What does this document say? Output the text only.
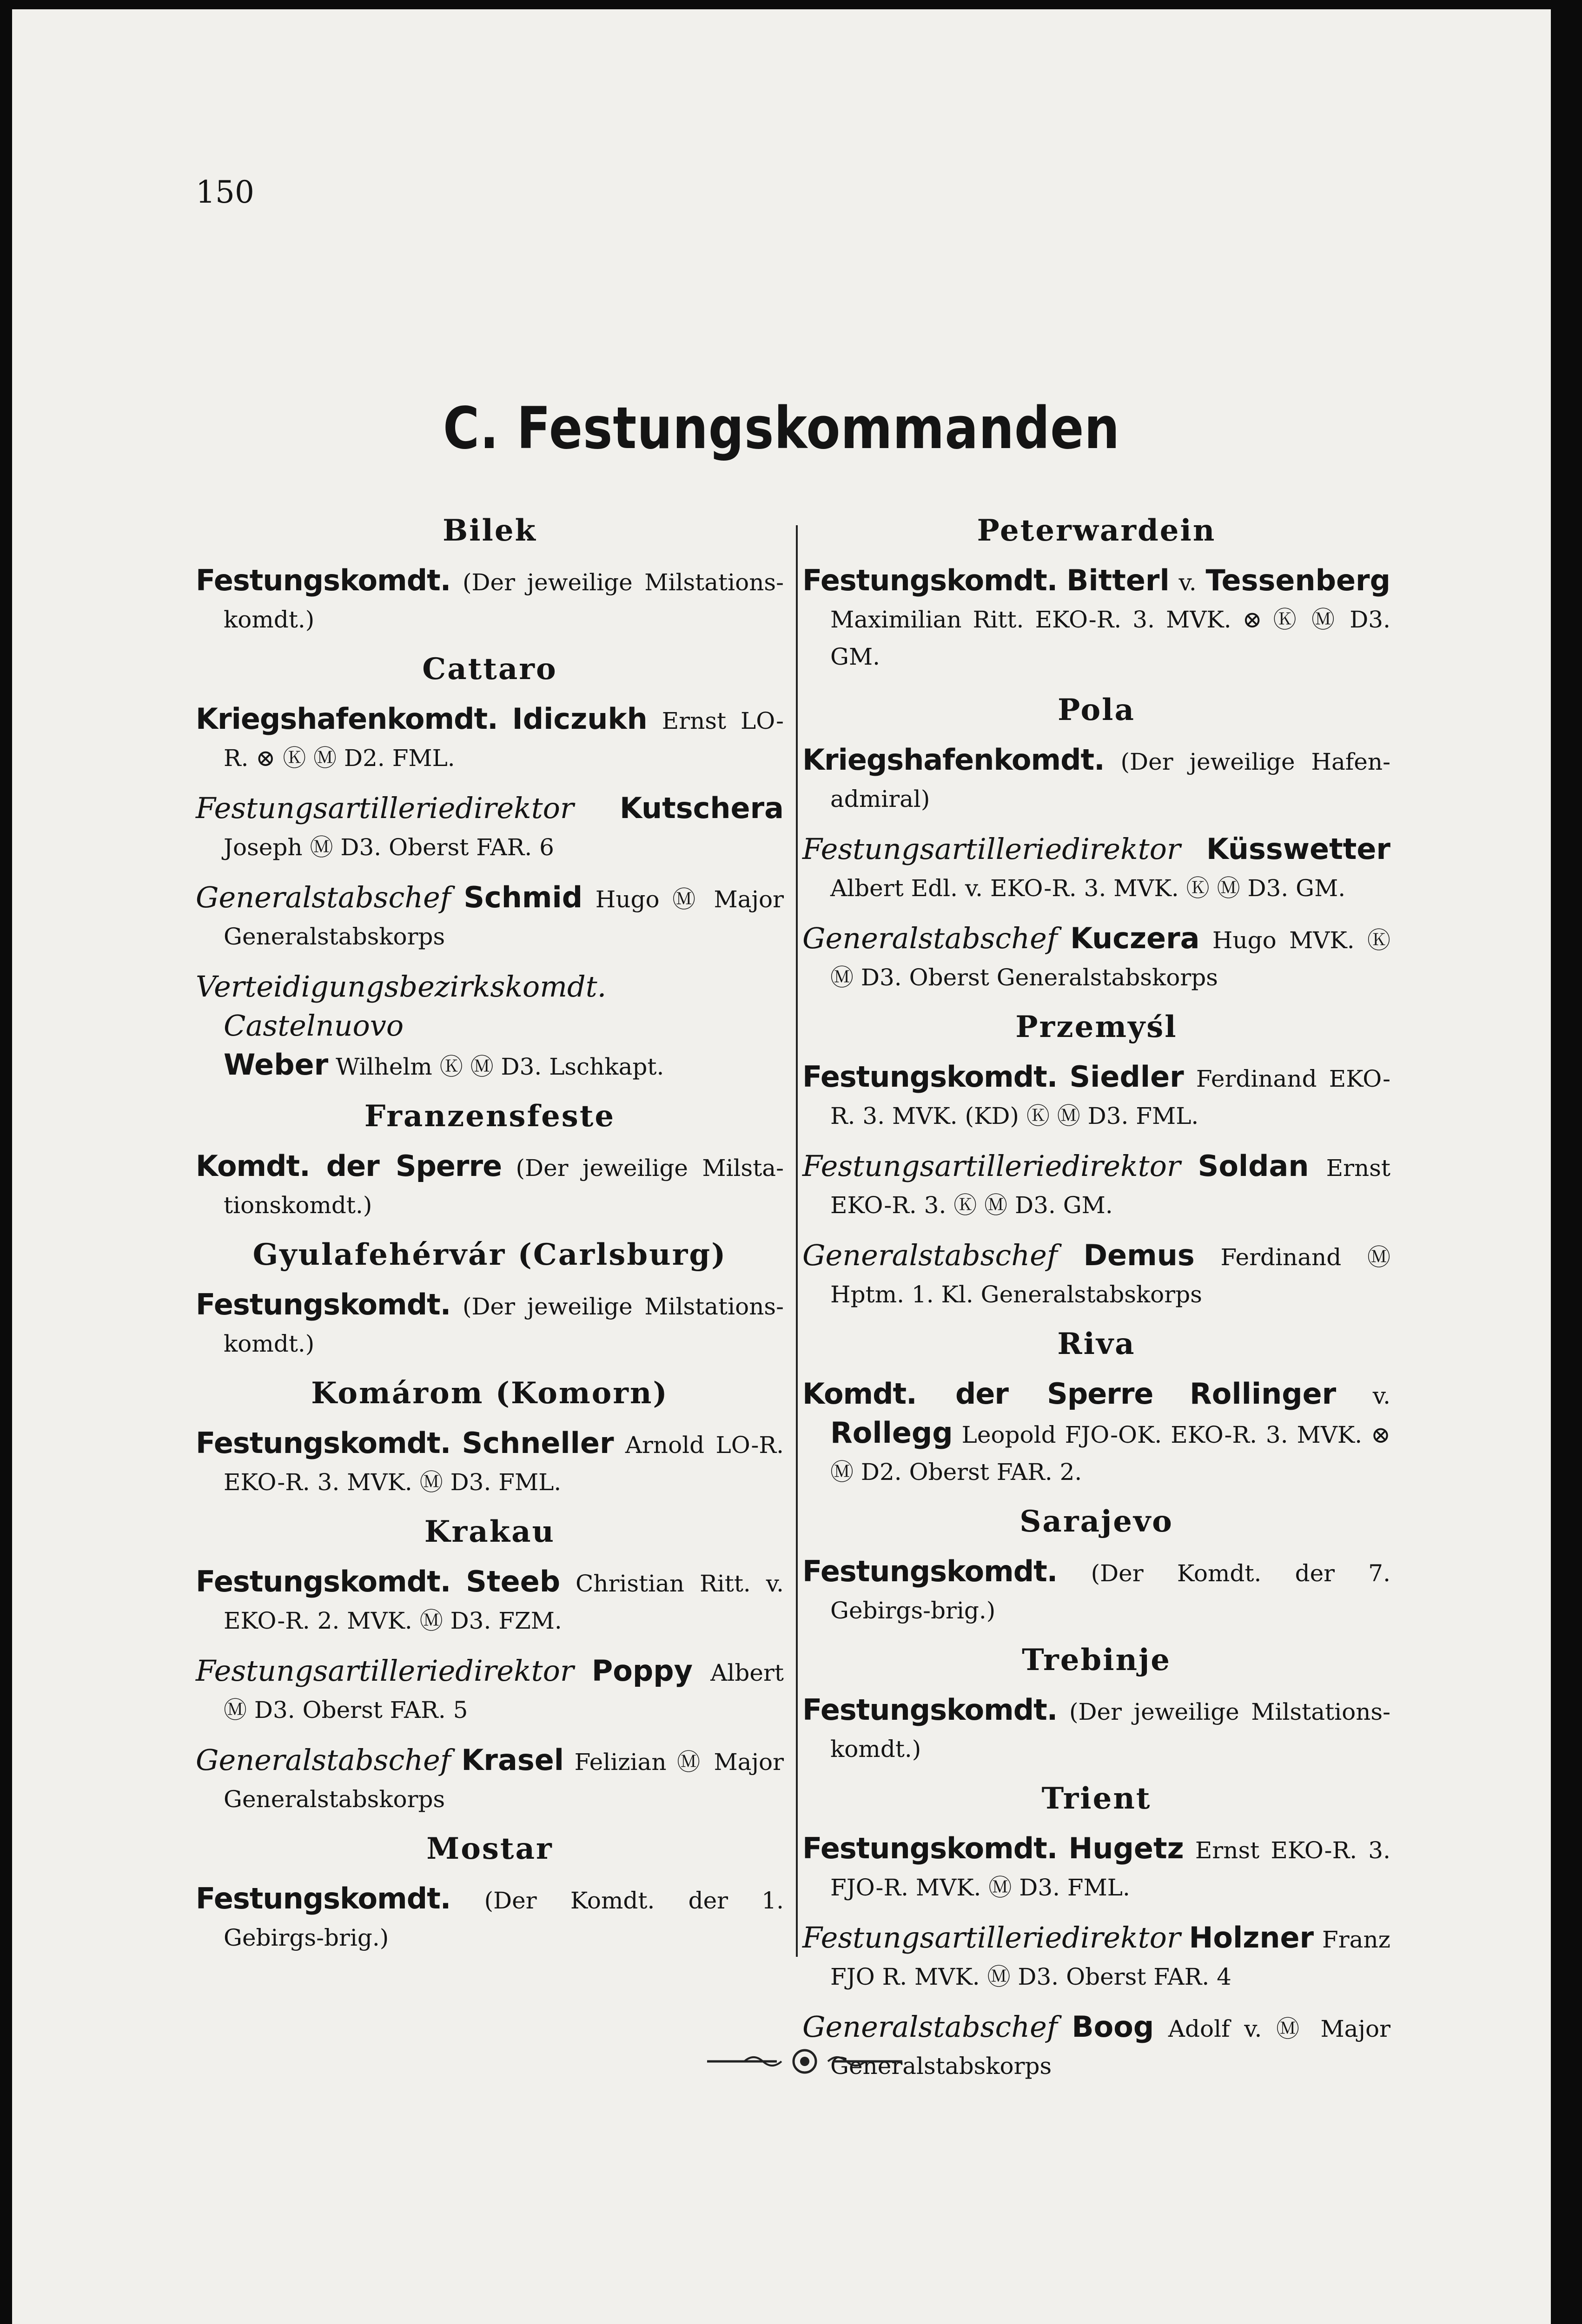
150
C. Festungskommanden
Bilek

Festungskomdt. (Der jeweilige Milstations-komdt.)

Cattaro

Kriegshafenkomdt. Idiczukh Ernst LO-R. ⊗ Ⓚ Ⓜ D2. FML.

Festungsartilleriedirektor Kutschera Joseph Ⓜ D3. Oberst FAR. 6

Generalstabschef Schmid Hugo Ⓜ Major Generalstabskorps

Verteidigungsbezirkskomdt. Castelnuovo
Weber Wilhelm Ⓚ Ⓜ D3. Lschkapt.

Franzensfeste

Komdt. der Sperre (Der jeweilige Milsta-tionskomdt.)

Gyulafehérvár (Carlsburg)

Festungskomdt. (Der jeweilige Milstations-komdt.)

Komárom (Komorn)

Festungskomdt. Schneller Arnold LO-R. EKO-R. 3. MVK. Ⓜ D3. FML.

Krakau

Festungskomdt. Steeb Christian Ritt. v. EKO-R. 2. MVK. Ⓜ D3. FZM.

Festungsartilleriedirektor Poppy Albert Ⓜ D3. Oberst FAR. 5

Generalstabschef Krasel Felizian Ⓜ Major Generalstabskorps

Mostar

Festungskomdt. (Der Komdt. der 1. Gebirgs-brig.)

Peterwardein

Festungskomdt. Bitterl v. Tessenberg Maximilian Ritt. EKO-R. 3. MVK. ⊗ Ⓚ Ⓜ D3. GM.

Pola

Kriegshafenkomdt. (Der jeweilige Hafen-admiral)

Festungsartilleriedirektor Küsswetter Albert Edl. v. EKO-R. 3. MVK. Ⓚ Ⓜ D3. GM.

Generalstabschef Kuczera Hugo MVK. Ⓚ Ⓜ D3. Oberst Generalstabskorps

Przemyśl

Festungskomdt. Siedler Ferdinand EKO-R. 3. MVK. (KD) Ⓚ Ⓜ D3. FML.

Festungsartilleriedirektor Soldan Ernst EKO-R. 3. Ⓚ Ⓜ D3. GM.

Generalstabschef Demus Ferdinand Ⓜ Hptm. 1. Kl. Generalstabskorps

Riva

Komdt. der Sperre Rollinger v. Rollegg Leopold FJO-OK. EKO-R. 3. MVK. ⊗ Ⓜ D2. Oberst FAR. 2.

Sarajevo

Festungskomdt. (Der Komdt. der 7. Gebirgs-brig.)

Trebinje

Festungskomdt. (Der jeweilige Milstations-komdt.)

Trient

Festungskomdt. Hugetz Ernst EKO-R. 3. FJO-R. MVK. Ⓜ D3. FML.

Festungsartilleriedirektor Holzner Franz FJO R. MVK. Ⓜ D3. Oberst FAR. 4

Generalstabschef Boog Adolf v. Ⓜ Major Generalstabskorps
